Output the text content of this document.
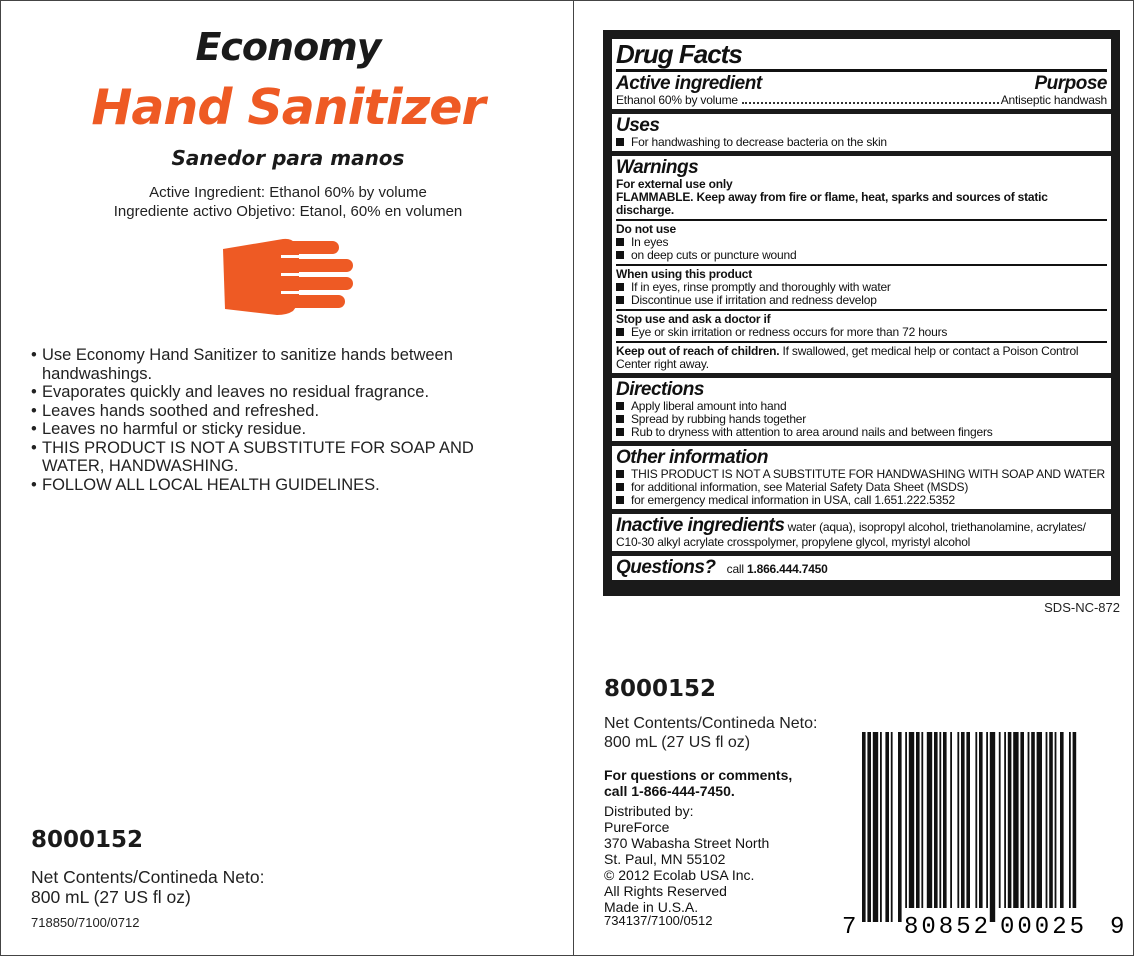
Economy
Hand Sanitizer
Sanedor para manos
Active Ingredient: Ethanol 60% by volume
Ingrediente activo Objetivo: Etanol, 60% en volumen
• Use Economy Hand Sanitizer to sanitize hands between handwashings.
• Evaporates quickly and leaves no residual fragrance.
• Leaves hands soothed and refreshed.
• Leaves no harmful or sticky residue.
• THIS PRODUCT IS NOT A SUBSTITUTE FOR SOAP AND WATER, HANDWASHING.
• FOLLOW ALL LOCAL HEALTH GUIDELINES.
8000152
Net Contents/Contineda Neto:
800 mL (27 US fl oz)
718850/7100/0712
Drug Facts
Active ingredient	Purpose
Ethanol 60% by volume	Antiseptic handwash
Uses
For handwashing to decrease bacteria on the skin
Warnings
For external use only
FLAMMABLE. Keep away from fire or flame, heat, sparks and sources of static discharge.
Do not use
In eyes
on deep cuts or puncture wound
When using this product
If in eyes, rinse promptly and thoroughly with water
Discontinue use if irritation and redness develop
Stop use and ask a doctor if
Eye or skin irritation or redness occurs for more than 72 hours
Keep out of reach of children. If swallowed, get medical help or contact a Poison Control Center right away.
Directions
Apply liberal amount into hand
Spread by rubbing hands together
Rub to dryness with attention to area around nails and between fingers
Other information
THIS PRODUCT IS NOT A SUBSTITUTE FOR HANDWASHING WITH SOAP AND WATER
for additional information, see Material Safety Data Sheet (MSDS)
for emergency medical information in USA, call 1.651.222.5352
Inactive ingredients water (aqua), isopropyl alcohol, triethanolamine, acrylates/ C10-30 alkyl acrylate crosspolymer, propylene glycol, myristyl alcohol
Questions? call 1.866.444.7450
SDS-NC-872
8000152
Net Contents/Contineda Neto:
800 mL (27 US fl oz)
For questions or comments,
call 1-866-444-7450.
Distributed by:
PureForce
370 Wabasha Street North
St. Paul, MN 55102
© 2012 Ecolab USA Inc.
All Rights Reserved
Made in U.S.A.
734137/7100/0512	7 80852 00025 9
